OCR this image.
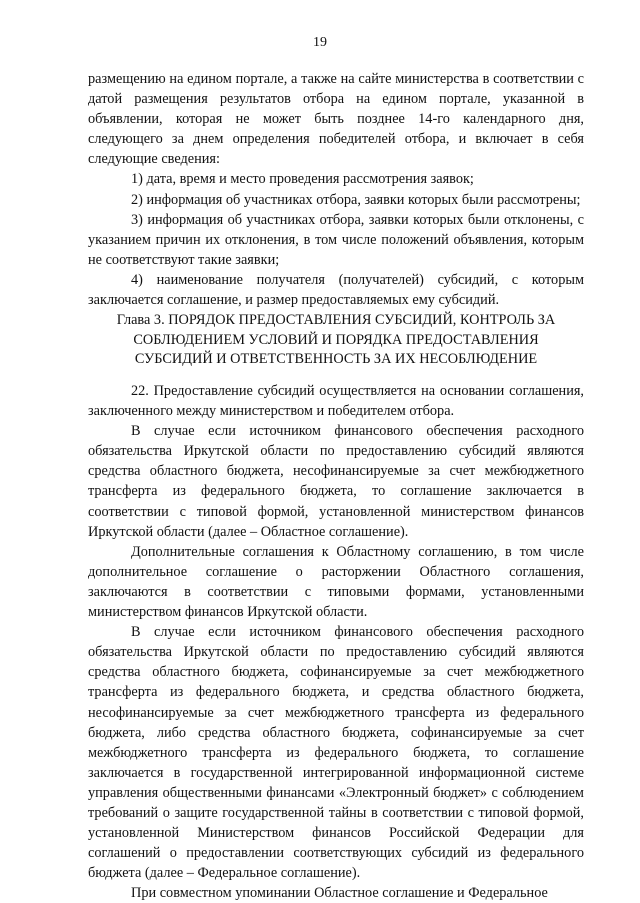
19

размещению на едином портале, а также на сайте министерства в соответствии с датой размещения результатов отбора на едином портале, указанной в объявлении, которая не может быть позднее 14-го календарного дня, следующего за днем определения победителей отбора, и включает в себя следующие сведения:

1) дата, время и место проведения рассмотрения заявок;

2) информация об участниках отбора, заявки которых были рассмотрены;

3) информация об участниках отбора, заявки которых были отклонены, с указанием причин их отклонения, в том числе положений объявления, которым не соответствуют такие заявки;

4) наименование получателя (получателей) субсидий, с которым заключается соглашение, и размер предоставляемых ему субсидий.

Глава 3. ПОРЯДОК ПРЕДОСТАВЛЕНИЯ СУБСИДИЙ, КОНТРОЛЬ ЗА
СОБЛЮДЕНИЕМ УСЛОВИЙ И ПОРЯДКА ПРЕДОСТАВЛЕНИЯ
СУБСИДИЙ И ОТВЕТСТВЕННОСТЬ ЗА ИХ НЕСОБЛЮДЕНИЕ

22. Предоставление субсидий осуществляется на основании соглашения, заключенного между министерством и победителем отбора.

В случае если источником финансового обеспечения расходного обязательства Иркутской области по предоставлению субсидий являются средства областного бюджета, несофинансируемые за счет межбюджетного трансферта из федерального бюджета, то соглашение заключается в соответствии с типовой формой, установленной министерством финансов Иркутской области (далее – Областное соглашение).

Дополнительные соглашения к Областному соглашению, в том числе дополнительное соглашение о расторжении Областного соглашения, заключаются в соответствии с типовыми формами, установленными министерством финансов Иркутской области.

В случае если источником финансового обеспечения расходного обязательства Иркутской области по предоставлению субсидий являются средства областного бюджета, софинансируемые за счет межбюджетного трансферта из федерального бюджета, и средства областного бюджета, несофинансируемые за счет межбюджетного трансферта из федерального бюджета, либо средства областного бюджета, софинансируемые за счет межбюджетного трансферта из федерального бюджета, то соглашение заключается в государственной интегрированной информационной системе управления общественными финансами «Электронный бюджет» с соблюдением требований о защите государственной тайны в соответствии с типовой формой, установленной Министерством финансов Российской Федерации для соглашений о предоставлении соответствующих субсидий из федерального бюджета (далее – Федеральное соглашение).

При совместном упоминании Областное соглашение и Федеральное
